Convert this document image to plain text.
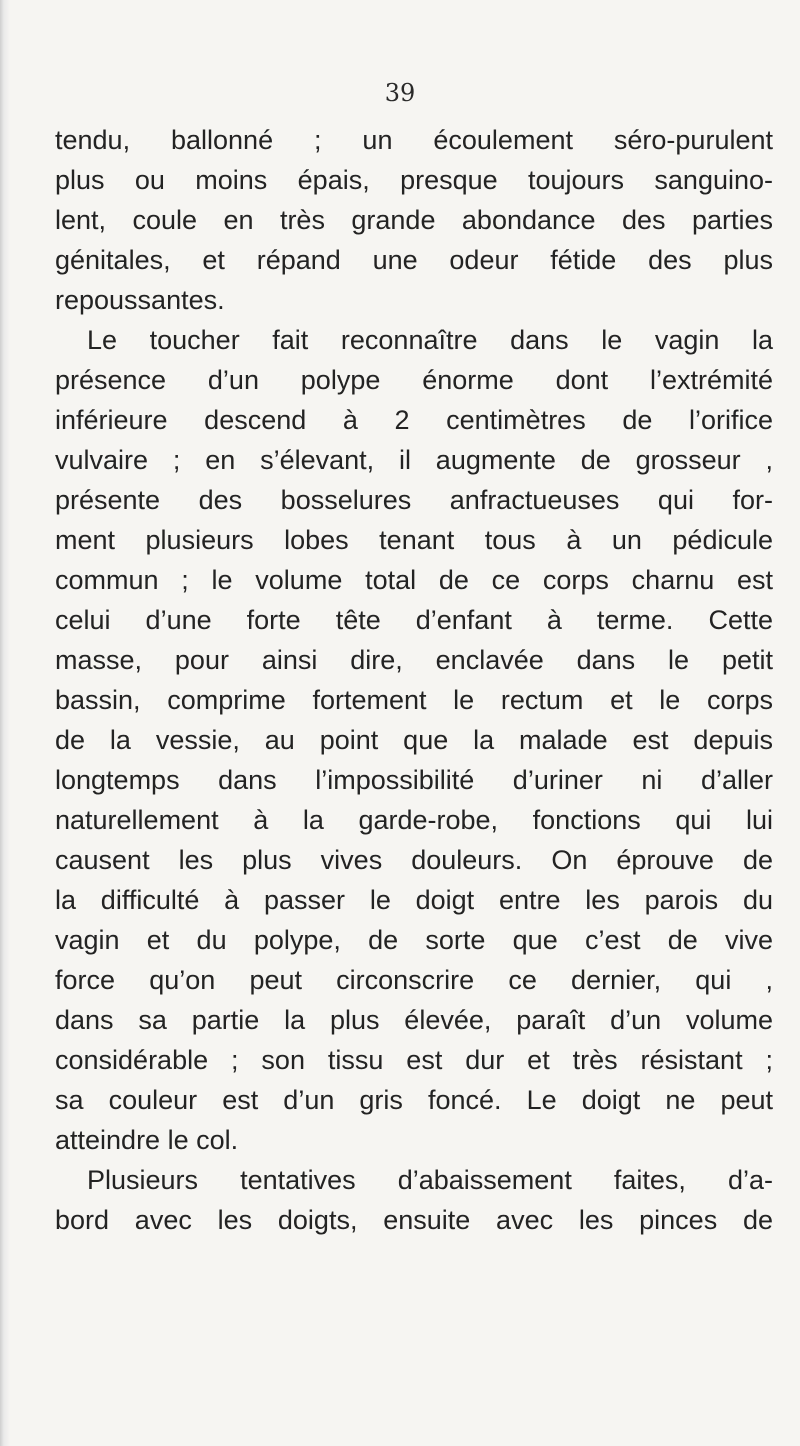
39
tendu, ballonné ; un écoulement séro-purulent
plus ou moins épais, presque toujours sanguino-
lent, coule en très grande abondance des parties
génitales, et répand une odeur fétide des plus
repoussantes.
Le toucher fait reconnaître dans le vagin la
présence d’un polype énorme dont l’extrémité
inférieure descend à 2 centimètres de l’orifice
vulvaire ; en s’élevant, il augmente de grosseur ,
présente des bosselures anfractueuses qui for-
ment plusieurs lobes tenant tous à un pédicule
commun ; le volume total de ce corps charnu est
celui d’une forte tête d’enfant à terme. Cette
masse, pour ainsi dire, enclavée dans le petit
bassin, comprime fortement le rectum et le corps
de la vessie, au point que la malade est depuis
longtemps dans l’impossibilité d’uriner ni d’aller
naturellement à la garde-robe, fonctions qui lui
causent les plus vives douleurs. On éprouve de
la difficulté à passer le doigt entre les parois du
vagin et du polype, de sorte que c’est de vive
force qu’on peut circonscrire ce dernier, qui ,
dans sa partie la plus élevée, paraît d’un volume
considérable ; son tissu est dur et très résistant ;
sa couleur est d’un gris foncé. Le doigt ne peut
atteindre le col.
Plusieurs tentatives d’abaissement faites, d’a-
bord avec les doigts, ensuite avec les pinces de
